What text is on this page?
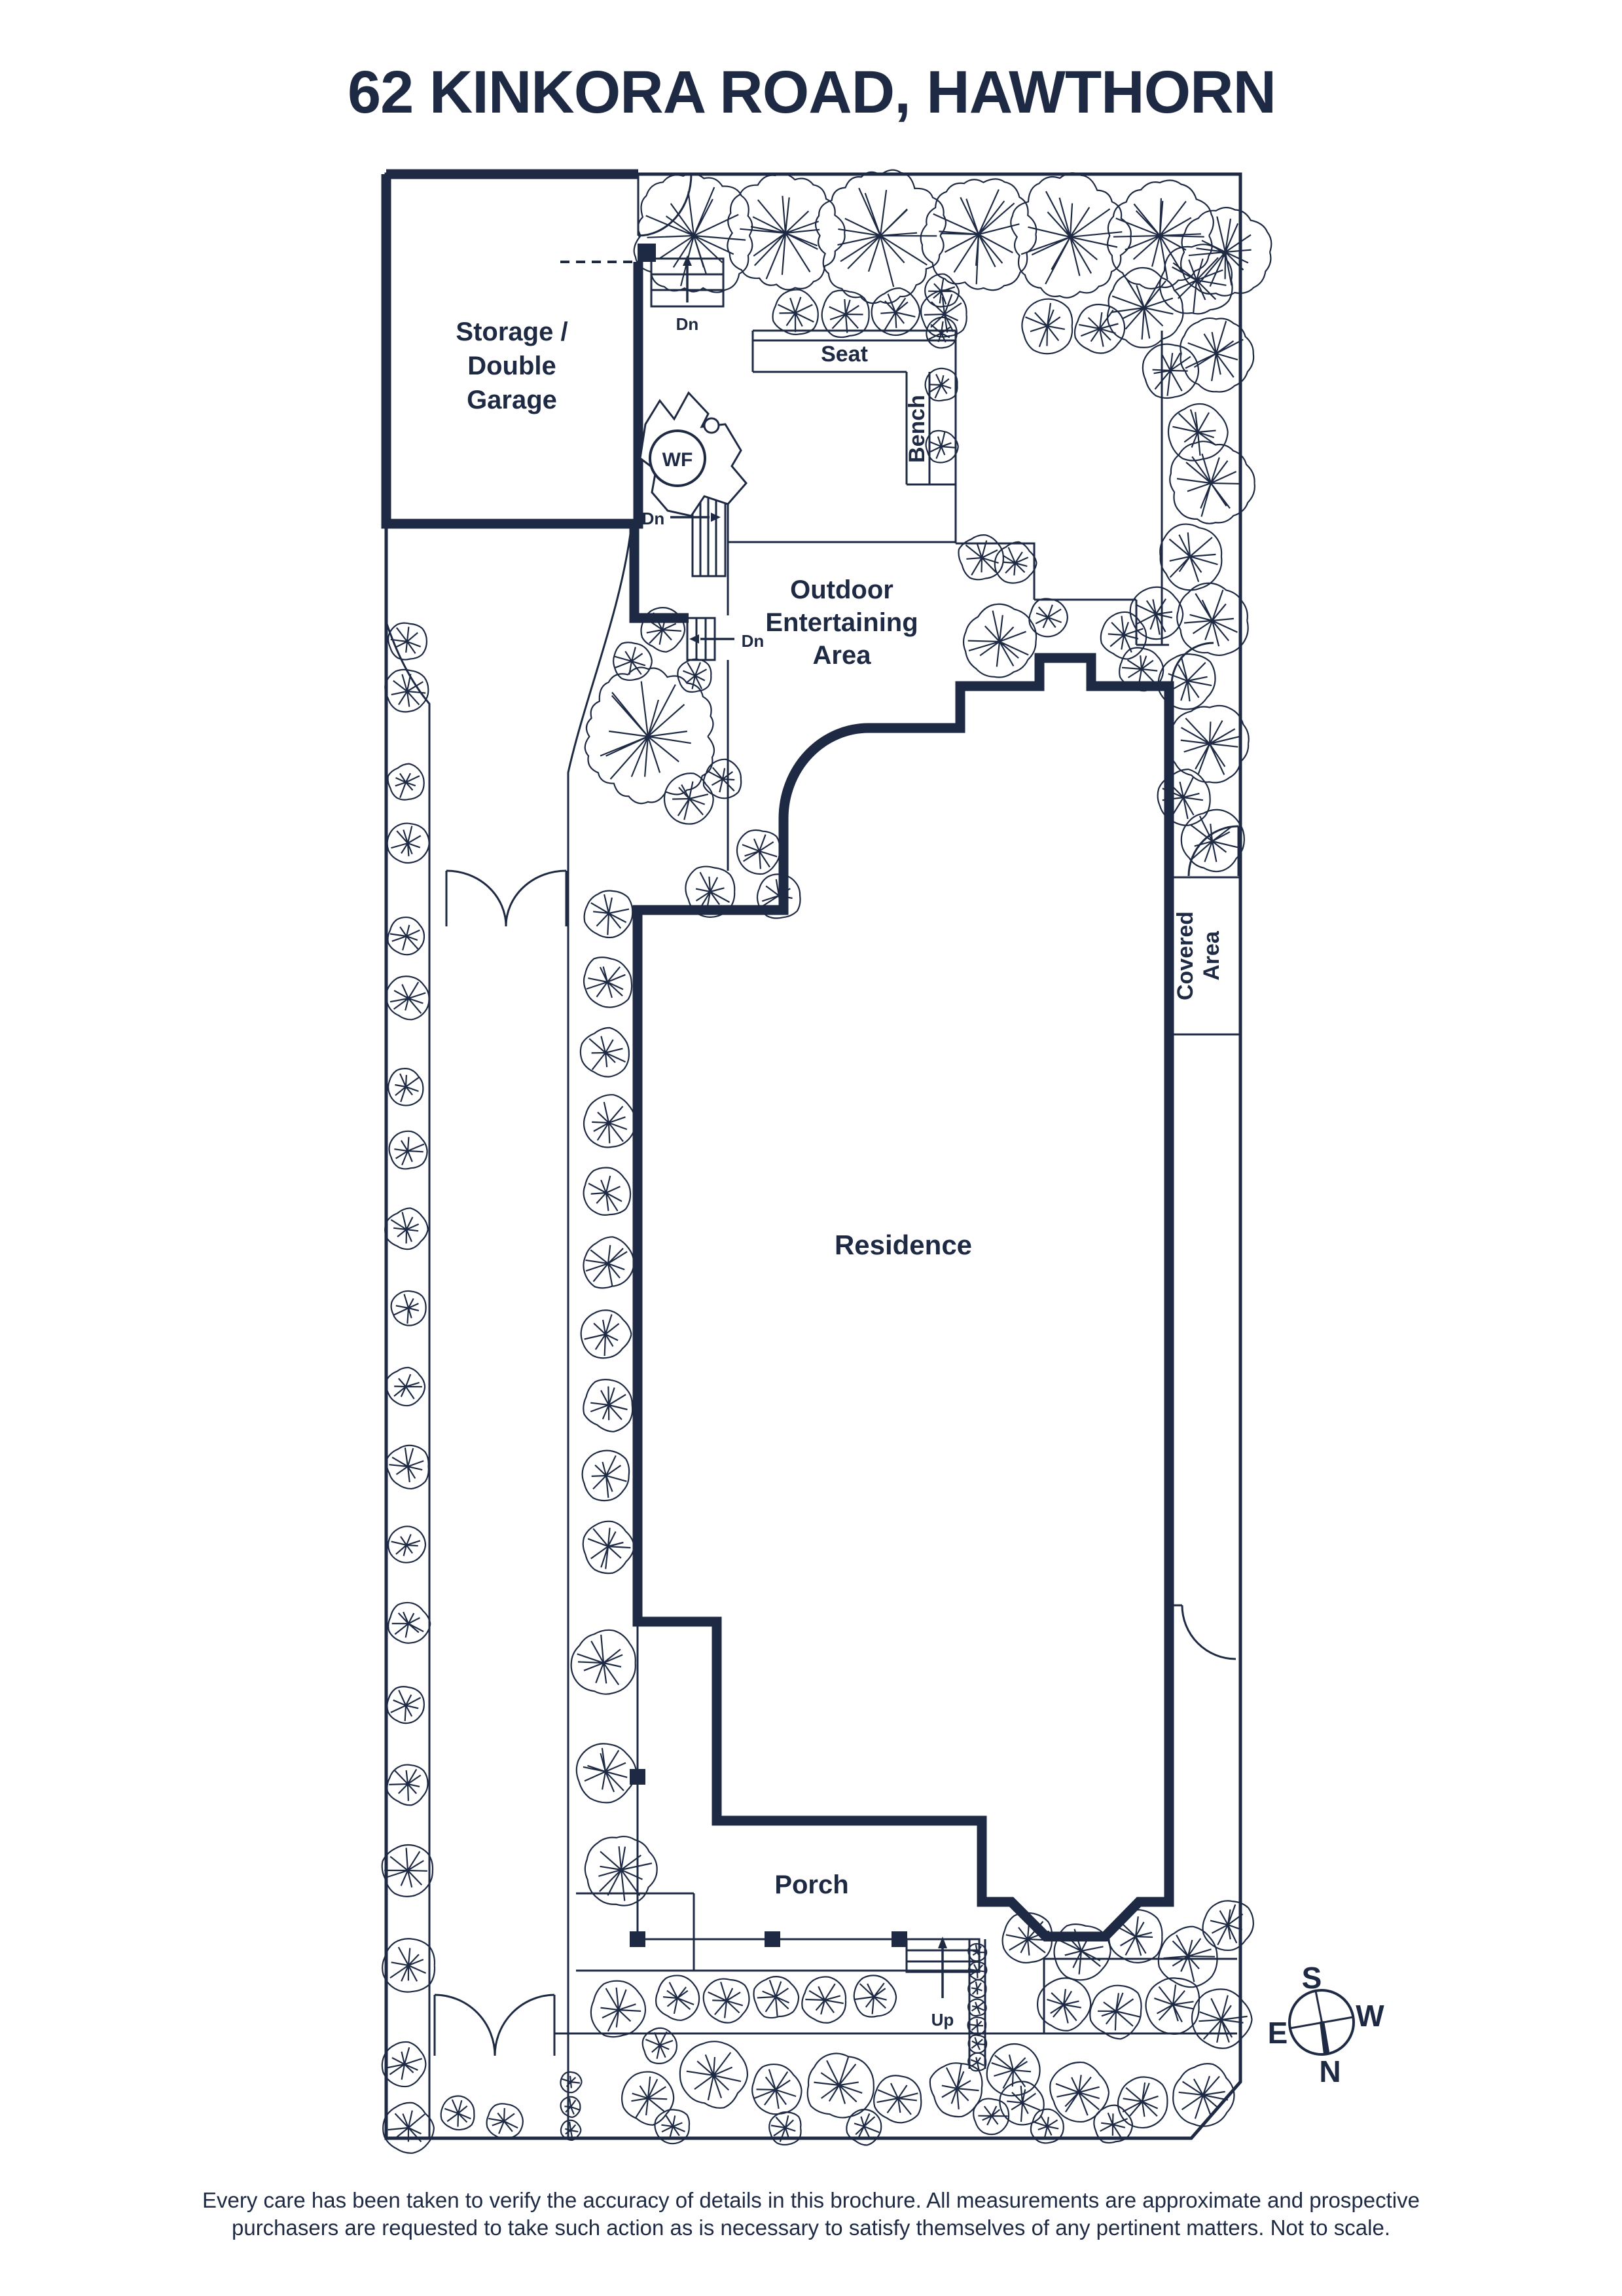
62 KINKORA ROAD, HAWTHORN
S
N
E W
Storage /
Double
Garage
Dn
Dn
Dn
Seat
Bench
WF
Outdoor
Entertaining
Area
Residence
Covered Area
Porch
Up
Every care has been taken to verify the accuracy of details in this brochure. All measurements are approximate and prospective
purchasers are requested to take such action as is necessary to satisfy themselves of any pertinent matters. Not to scale.
